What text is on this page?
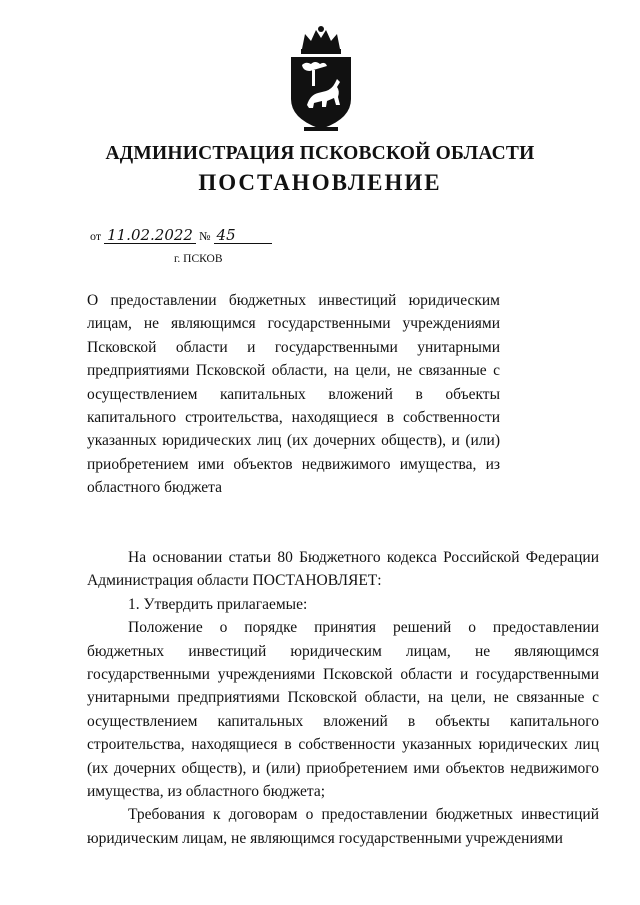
АДМИНИСТРАЦИЯ ПСКОВСКОЙ ОБЛАСТИ
ПОСТАНОВЛЕНИЕ
от 11.02.2022 № 45
г. ПСКОВ
О предоставлении бюджетных инвестиций юридическим лицам, не являющимся государственными учреждениями Псковской области и государственными унитарными предприятиями Псковской области, на цели, не связанные с осуществлением капитальных вложений в объекты капитального строительства, находящиеся в собственности указанных юридических лиц (их дочерних обществ), и (или) приобретением ими объектов недвижимого имущества, из областного бюджета

На основании статьи 80 Бюджетного кодекса Российской Федерации Администрация области ПОСТАНОВЛЯЕТ:

1. Утвердить прилагаемые:

Положение о порядке принятия решений о предоставлении бюджетных инвестиций юридическим лицам, не являющимся государственными учреждениями Псковской области и государственными унитарными предприятиями Псковской области, на цели, не связанные с осуществлением капитальных вложений в объекты капитального строительства, находящиеся в собственности указанных юридических лиц (их дочерних обществ), и (или) приобретением ими объектов недвижимого имущества, из областного бюджета;

Требования к договорам о предоставлении бюджетных инвестиций юридическим лицам, не являющимся государственными учреждениями
